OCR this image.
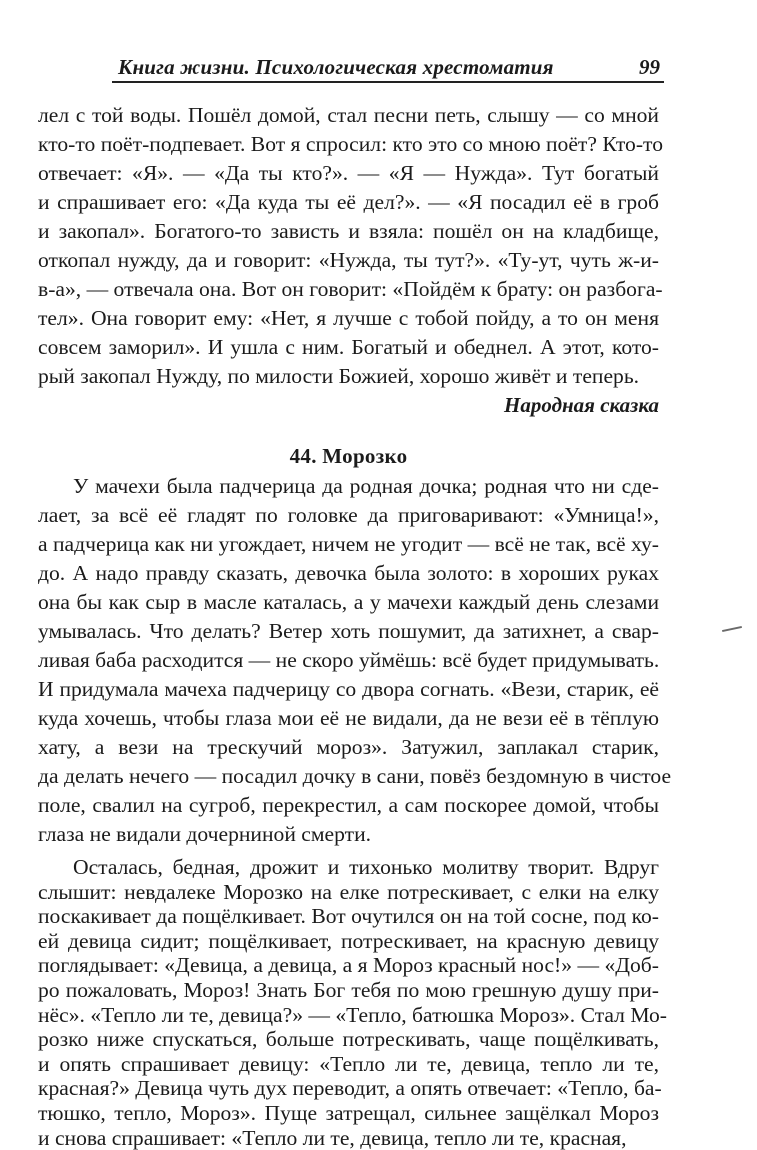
Книга жизни. Психологическая хрестоматия	99
лел с той воды. Пошёл домой, стал песни петь, слышу — со мной
кто-то поёт-подпевает. Вот я спросил: кто это со мною поёт? Кто-то
отвечает: «Я». — «Да ты кто?». — «Я — Нужда». Тут богатый
и спрашивает его: «Да куда ты её дел?». — «Я посадил её в гроб
и закопал». Богатого-то зависть и взяла: пошёл он на кладбище,
откопал нужду, да и говорит: «Нужда, ты тут?». «Ту-ут, чуть ж-и-
в-а», — отвечала она. Вот он говорит: «Пойдём к брату: он разбога-
тел». Она говорит ему: «Нет, я лучше с тобой пойду, а то он меня
совсем заморил». И ушла с ним. Богатый и обеднел. А этот, кото-
рый закопал Нужду, по милости Божией, хорошо живёт и теперь.
Народная сказка
44. Морозко
У мачехи была падчерица да родная дочка; родная что ни сде-
лает, за всё её гладят по головке да приговаривают: «Умница!»,
а падчерица как ни угождает, ничем не угодит — всё не так, всё ху-
до. А надо правду сказать, девочка была золото: в хороших руках
она бы как сыр в масле каталась, а у мачехи каждый день слезами
умывалась. Что делать? Ветер хоть пошумит, да затихнет, а свар-
ливая баба расходится — не скоро уймёшь: всё будет придумывать.
И придумала мачеха падчерицу со двора согнать. «Вези, старик, её
куда хочешь, чтобы глаза мои её не видали, да не вези её в тёплую
хату, а вези на трескучий мороз». Затужил, заплакал старик,
да делать нечего — посадил дочку в сани, повёз бездомную в чистое
поле, свалил на сугроб, перекрестил, а сам поскорее домой, чтобы
глаза не видали дочерниной смерти.
Осталась, бедная, дрожит и тихонько молитву творит. Вдруг
слышит: невдалеке Морозко на елке потрескивает, с елки на елку
поскакивает да пощёлкивает. Вот очутился он на той сосне, под ко-
ей девица сидит; пощёлкивает, потрескивает, на красную девицу
поглядывает: «Девица, а девица, а я Мороз красный нос!» — «Доб-
ро пожаловать, Мороз! Знать Бог тебя по мою грешную душу при-
нёс». «Тепло ли те, девица?» — «Тепло, батюшка Мороз». Стал Мо-
розко ниже спускаться, больше потрескивать, чаще пощёлкивать,
и опять спрашивает девицу: «Тепло ли те, девица, тепло ли те,
красная?» Девица чуть дух переводит, а опять отвечает: «Тепло, ба-
тюшко, тепло, Мороз». Пуще затрещал, сильнее защёлкал Мороз
и снова спрашивает: «Тепло ли те, девица, тепло ли те, красная,
